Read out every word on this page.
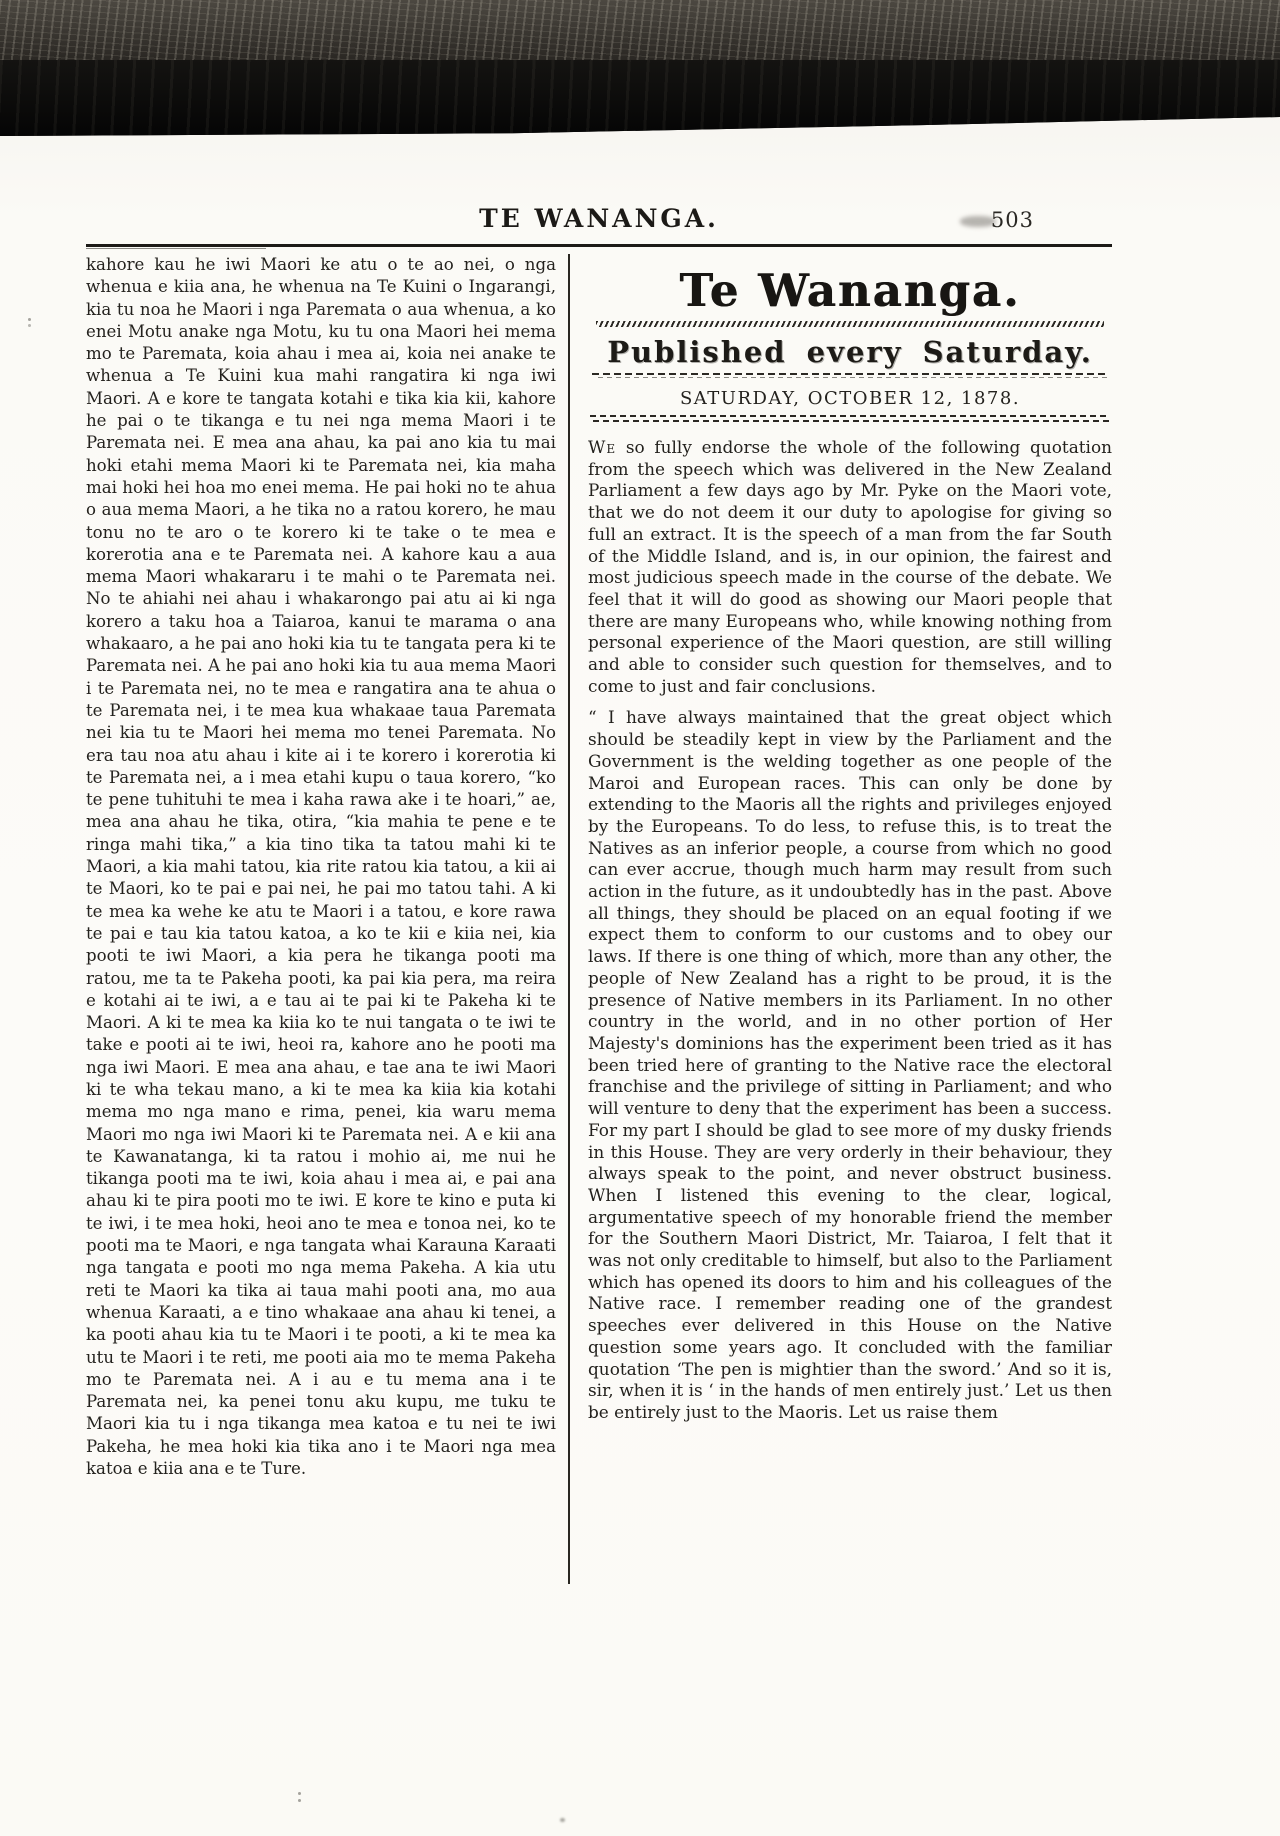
TE WANANGA.	503

kahore kau he iwi Maori ke atu o te ao nei, o nga whenua e kiia ana, he whenua na Te Kuini o Ingarangi, kia tu noa he Maori i nga Paremata o aua whenua, a ko enei Motu anake nga Motu, ku tu ona Maori hei mema mo te Paremata, koia ahau i mea ai, koia nei anake te whenua a Te Kuini kua mahi rangatira ki nga iwi Maori. A e kore te tangata kotahi e tika kia kii, kahore he pai o te tikanga e tu nei nga mema Maori i te Paremata nei. E mea ana ahau, ka pai ano kia tu mai hoki etahi mema Maori ki te Paremata nei, kia maha mai hoki hei hoa mo enei mema. He pai hoki no te ahua o aua mema Maori, a he tika no a ratou korero, he mau tonu no te aro o te korero ki te take o te mea e korerotia ana e te Paremata nei. A kahore kau a aua mema Maori whakararu i te mahi o te Paremata nei. No te ahiahi nei ahau i whakarongo pai atu ai ki nga korero a taku hoa a Taiaroa, kanui te marama o ana whakaaro, a he pai ano hoki kia tu te tangata pera ki te Paremata nei. A he pai ano hoki kia tu aua mema Maori i te Paremata nei, no te mea e rangatira ana te ahua o te Paremata nei, i te mea kua whakaae taua Paremata nei kia tu te Maori hei mema mo tenei Paremata. No era tau noa atu ahau i kite ai i te korero i korerotia ki te Paremata nei, a i mea etahi kupu o taua korero, “ko te pene tuhituhi te mea i kaha rawa ake i te hoari,” ae, mea ana ahau he tika, otira, “kia mahia te pene e te ringa mahi tika,” a kia tino tika ta tatou mahi ki te Maori, a kia mahi tatou, kia rite ratou kia tatou, a kii ai te Maori, ko te pai e pai nei, he pai mo tatou tahi. A ki te mea ka wehe ke atu te Maori i a tatou, e kore rawa te pai e tau kia tatou katoa, a ko te kii e kiia nei, kia pooti te iwi Maori, a kia pera he tikanga pooti ma ratou, me ta te Pakeha pooti, ka pai kia pera, ma reira e kotahi ai te iwi, a e tau ai te pai ki te Pakeha ki te Maori. A ki te mea ka kiia ko te nui tangata o te iwi te take e pooti ai te iwi, heoi ra, kahore ano he pooti ma nga iwi Maori. E mea ana ahau, e tae ana te iwi Maori ki te wha tekau mano, a ki te mea ka kiia kia kotahi mema mo nga mano e rima, penei, kia waru mema Maori mo nga iwi Maori ki te Paremata nei. A e kii ana te Kawanatanga, ki ta ratou i mohio ai, me nui he tikanga pooti ma te iwi, koia ahau i mea ai, e pai ana ahau ki te pira pooti mo te iwi. E kore te kino e puta ki te iwi, i te mea hoki, heoi ano te mea e tonoa nei, ko te pooti ma te Maori, e nga tangata whai Karauna Karaati nga tangata e pooti mo nga mema Pakeha. A kia utu reti te Maori ka tika ai taua mahi pooti ana, mo aua whenua Karaati, a e tino whakaae ana ahau ki tenei, a ka pooti ahau kia tu te Maori i te pooti, a ki te mea ka utu te Maori i te reti, me pooti aia mo te mema Pakeha mo te Paremata nei. A i au e tu mema ana i te Paremata nei, ka penei tonu aku kupu, me tuku te Maori kia tu i nga tikanga mea katoa e tu nei te iwi Pakeha, he mea hoki kia tika ano i te Maori nga mea katoa e kiia ana e te Ture.

Te Wananga.
Published every Saturday.
SATURDAY, OCTOBER 12, 1878.

We so fully endorse the whole of the following quotation from the speech which was delivered in the New Zealand Parliament a few days ago by Mr. Pyke on the Maori vote, that we do not deem it our duty to apologise for giving so full an extract. It is the speech of a man from the far South of the Middle Island, and is, in our opinion, the fairest and most judicious speech made in the course of the debate. We feel that it will do good as showing our Maori people that there are many Europeans who, while knowing nothing from personal experience of the Maori question, are still willing and able to consider such question for themselves, and to come to just and fair conclusions.

“ I have always maintained that the great object which should be steadily kept in view by the Parliament and the Government is the welding together as one people of the Maroi and European races. This can only be done by extending to the Maoris all the rights and privileges enjoyed by the Europeans. To do less, to refuse this, is to treat the Natives as an inferior people, a course from which no good can ever accrue, though much harm may result from such action in the future, as it undoubtedly has in the past. Above all things, they should be placed on an equal footing if we expect them to conform to our customs and to obey our laws. If there is one thing of which, more than any other, the people of New Zealand has a right to be proud, it is the presence of Native members in its Parliament. In no other country in the world, and in no other portion of Her Majesty's dominions has the experiment been tried as it has been tried here of granting to the Native race the electoral franchise and the privilege of sitting in Parliament; and who will venture to deny that the experiment has been a success. For my part I should be glad to see more of my dusky friends in this House. They are very orderly in their behaviour, they always speak to the point, and never obstruct business. When I listened this evening to the clear, logical, argumentative speech of my honorable friend the member for the Southern Maori District, Mr. Taiaroa, I felt that it was not only creditable to himself, but also to the Parliament which has opened its doors to him and his colleagues of the Native race. I remember reading one of the grandest speeches ever delivered in this House on the Native question some years ago. It concluded with the familiar quotation ‘The pen is mightier than the sword.’ And so it is, sir, when it is ‘ in the hands of men entirely just.’ Let us then be entirely just to the Maoris. Let us raise them
